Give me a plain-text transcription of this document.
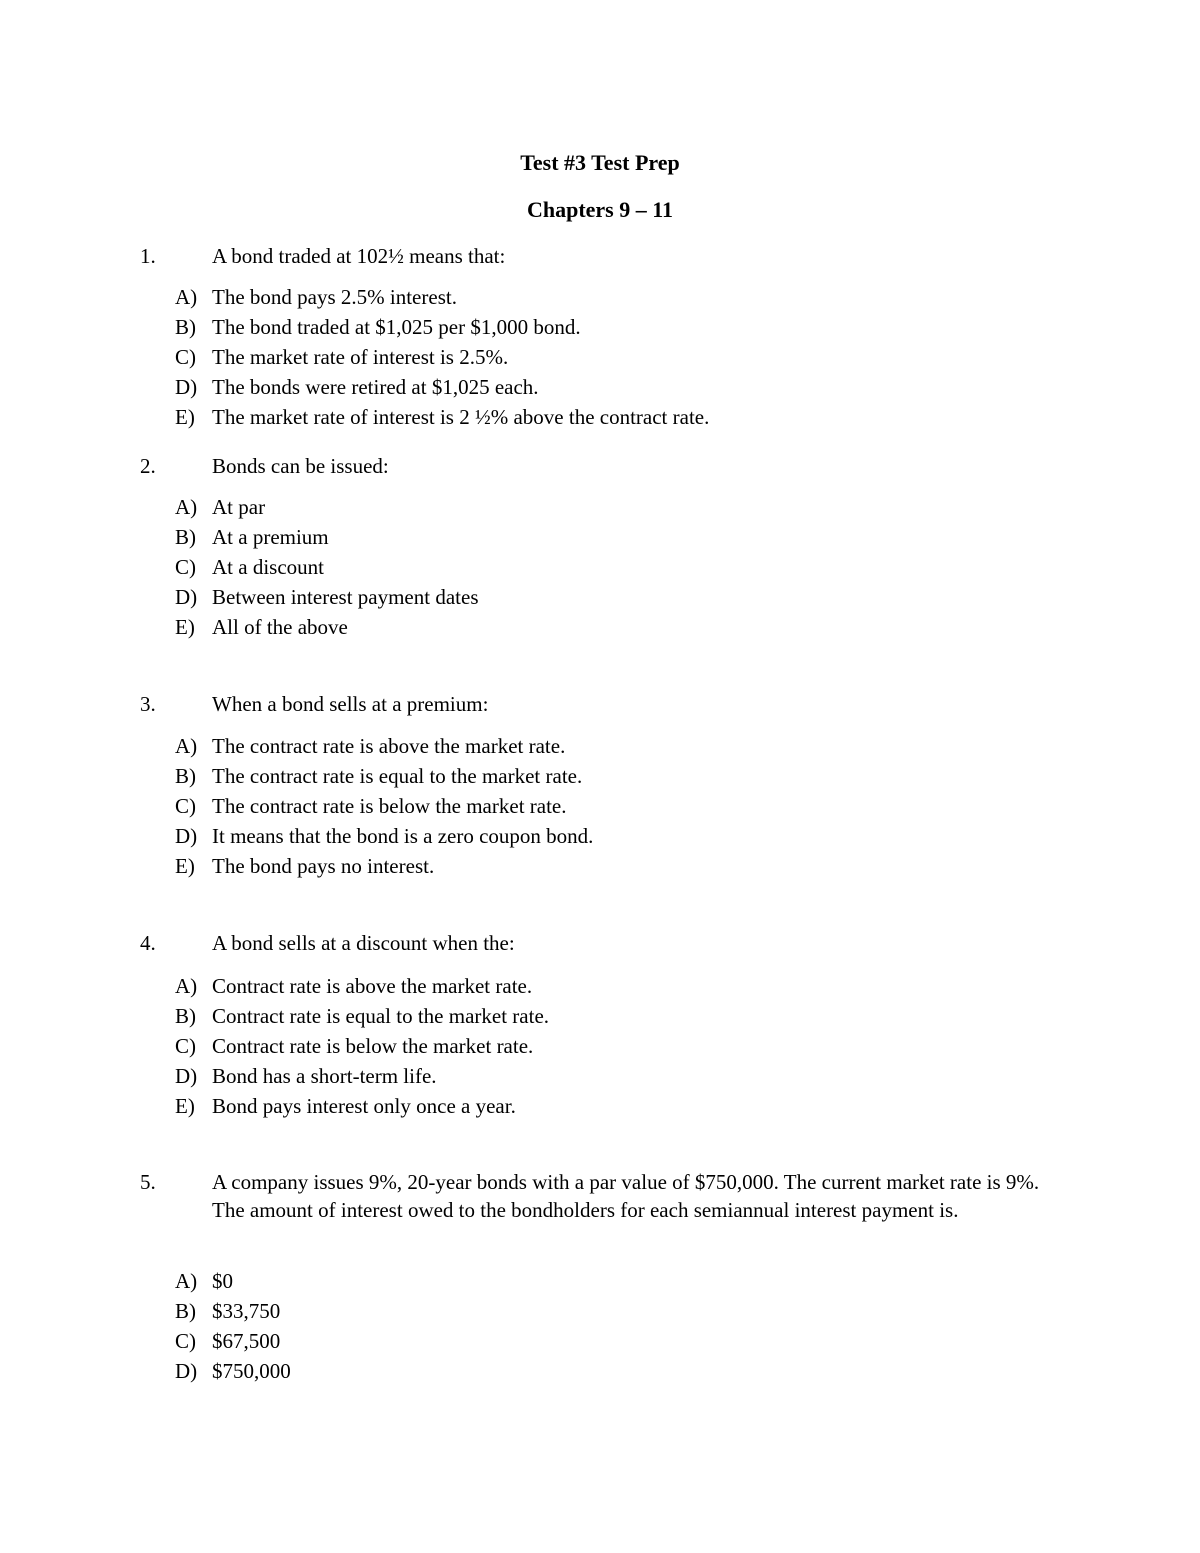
Test #3 Test Prep
Chapters 9 – 11
1.	A bond traded at 102½ means that:
A) The bond pays 2.5% interest.
B) The bond traded at $1,025 per $1,000 bond.
C) The market rate of interest is 2.5%.
D) The bonds were retired at $1,025 each.
E) The market rate of interest is 2 ½% above the contract rate.
2.	Bonds can be issued:
A) At par
B) At a premium
C) At a discount
D) Between interest payment dates
E) All of the above
3.	When a bond sells at a premium:
A) The contract rate is above the market rate.
B) The contract rate is equal to the market rate.
C) The contract rate is below the market rate.
D) It means that the bond is a zero coupon bond.
E) The bond pays no interest.
4.	A bond sells at a discount when the:
A) Contract rate is above the market rate.
B) Contract rate is equal to the market rate.
C) Contract rate is below the market rate.
D) Bond has a short-term life.
E) Bond pays interest only once a year.
5.	A company issues 9%, 20-year bonds with a par value of $750,000. The current market rate is 9%. The amount of interest owed to the bondholders for each semiannual interest payment is.
A) $0
B) $33,750
C) $67,500
D) $750,000
